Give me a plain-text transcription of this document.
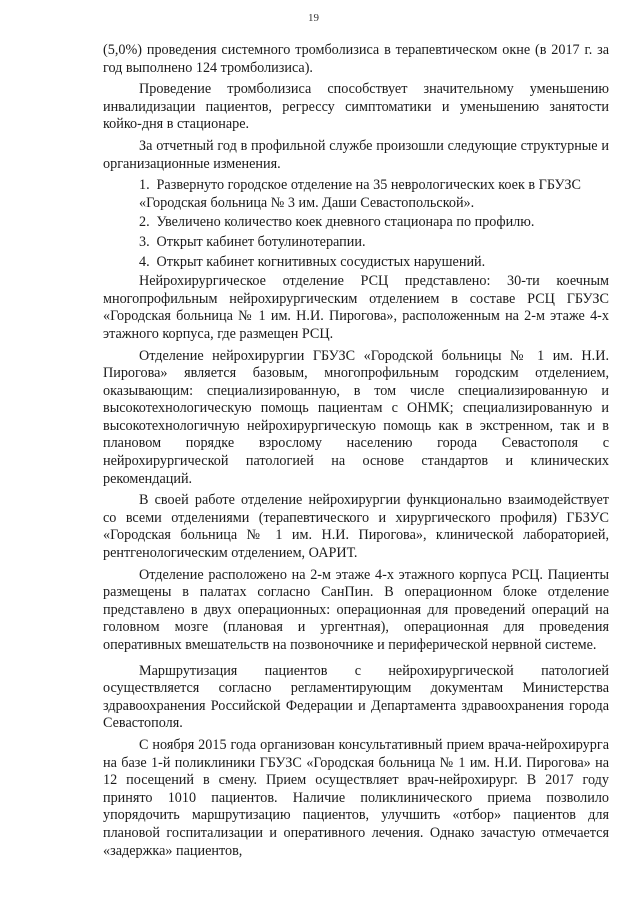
19

(5,0%) проведения системного тромболизиса в терапевтическом окне (в 2017 г. за год выполнено 124 тромболизиса).

Проведение тромболизиса способствует значительному уменьшению инвалидизации пациентов, регрессу симптоматики и уменьшению занятости койко-дня в стационаре.

За отчетный год в профильной службе произошли следующие структурные и организационные изменения.

1. Развернуто городское отделение на 35 неврологических коек в ГБУЗС «Городская больница № 3 им. Даши Севастопольской».
2. Увеличено количество коек дневного стационара по профилю.
3. Открыт кабинет ботулинотерапии.
4. Открыт кабинет когнитивных сосудистых нарушений.

Нейрохирургическое отделение РСЦ представлено: 30-ти коечным многопрофильным нейрохирургическим отделением в составе РСЦ ГБУЗС «Городская больница № 1 им. Н.И. Пирогова», расположенным на 2-м этаже 4-х этажного корпуса, где размещен РСЦ.

Отделение нейрохирургии ГБУЗС «Городской больницы № 1 им. Н.И. Пирогова» является базовым, многопрофильным городским отделением, оказывающим: специализированную, в том числе специализированную и высокотехнологическую помощь пациентам с ОНМК; специализированную и высокотехнологичную нейрохирургическую помощь как в экстренном, так и в плановом порядке взрослому населению города Севастополя с нейрохирургической патологией на основе стандартов и клинических рекомендаций.

В своей работе отделение нейрохирургии функционально взаимодействует со всеми отделениями (терапевтического и хирургического профиля) ГБЗУС «Городская больница № 1 им. Н.И. Пирогова», клинической лабораторией, рентгенологическим отделением, ОАРИТ.

Отделение расположено на 2-м этаже 4-х этажного корпуса РСЦ. Пациенты размещены в палатах согласно СанПин. В операционном блоке отделение представлено в двух операционных: операционная для проведений операций на головном мозге (плановая и ургентная), операционная для проведения оперативных вмешательств на позвоночнике и периферической нервной системе.

Маршрутизация пациентов с нейрохирургической патологией осуществляется согласно регламентирующим документам Министерства здравоохранения Российской Федерации и Департамента здравоохранения города Севастополя.

С ноября 2015 года организован консультативный прием врача-нейрохирурга на базе 1-й поликлиники ГБУЗС «Городская больница № 1 им. Н.И. Пирогова» на 12 посещений в смену. Прием осуществляет врач-нейрохирург. В 2017 году принято 1010 пациентов. Наличие поликлинического приема позволило упорядочить маршрутизацию пациентов, улучшить «отбор» пациентов для плановой госпитализации и оперативного лечения. Однако зачастую отмечается «задержка» пациентов,
